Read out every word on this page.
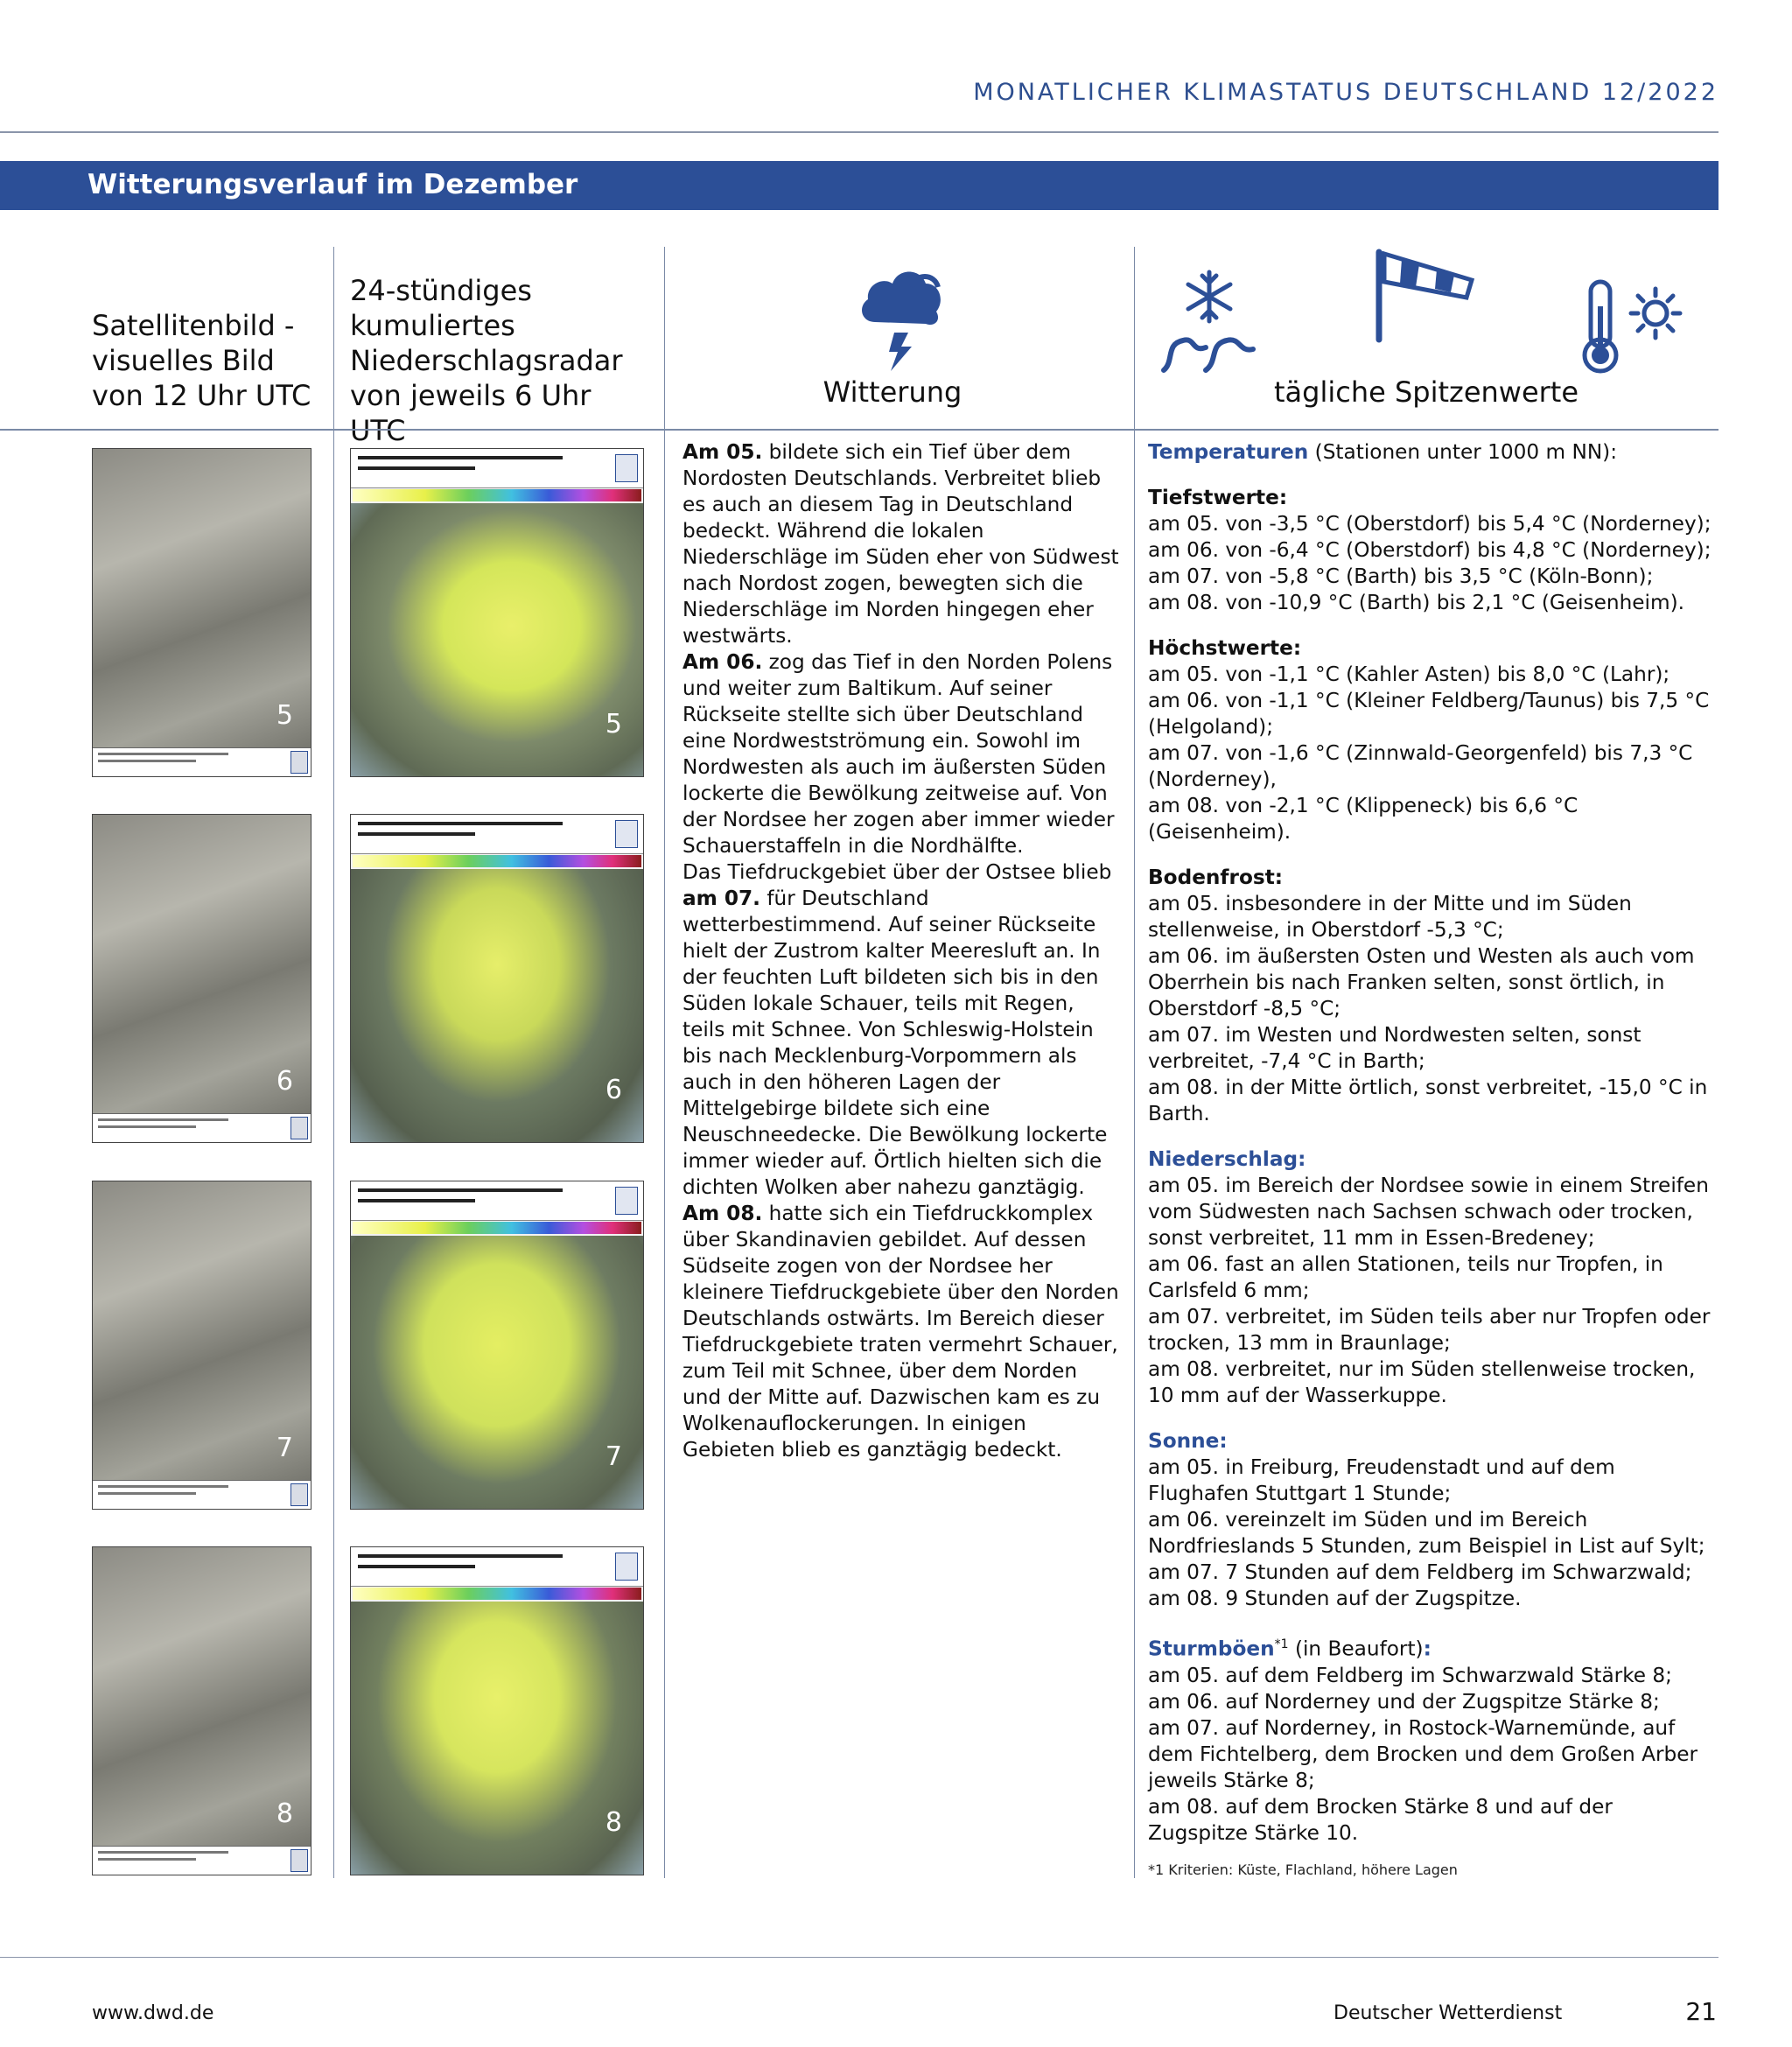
MONATLICHER KLIMASTATUS DEUTSCHLAND 12/2022
Witterungsverlauf im Dezember
Satellitenbild - visuelles Bild von 12 Uhr UTC
24-stündiges kumuliertes Niederschlagsradar von jeweils 6 Uhr UTC
Witterung	tägliche Spitzenwerte
5
6
7
8
5
6
7
8

Am 05. bildete sich ein Tief über dem Nordosten Deutschlands. Verbreitet blieb es auch an diesem Tag in Deutschland bedeckt. Während die lokalen Niederschläge im Süden eher von Südwest nach Nordost zogen, bewegten sich die Niederschläge im Norden hingegen eher westwärts.

Am 06. zog das Tief in den Norden Polens und weiter zum Baltikum. Auf seiner Rückseite stellte sich über Deutschland eine Nordwestströmung ein. Sowohl im Nordwesten als auch im äußersten Süden lockerte die Bewölkung zeitweise auf. Von der Nordsee her zogen aber immer wieder Schauerstaffeln in die Nordhälfte.

Das Tiefdruckgebiet über der Ostsee blieb am 07. für Deutschland wetterbestimmend. Auf seiner Rückseite hielt der Zustrom kalter Meeresluft an. In der feuchten Luft bildeten sich bis in den Süden lokale Schauer, teils mit Regen, teils mit Schnee. Von Schleswig-Holstein bis nach Mecklenburg-Vorpommern als auch in den höheren Lagen der Mittelgebirge bildete sich eine Neuschneedecke. Die Bewölkung lockerte immer wieder auf. Örtlich hielten sich die dichten Wolken aber nahezu ganztägig.

Am 08. hatte sich ein Tiefdruckkomplex über Skandinavien gebildet. Auf dessen Südseite zogen von der Nordsee her kleinere Tiefdruckgebiete über den Norden Deutschlands ostwärts. Im Bereich dieser Tiefdruckgebiete traten vermehrt Schauer, zum Teil mit Schnee, über dem Norden und der Mitte auf. Dazwischen kam es zu Wolkenauflockerungen. In einigen Gebieten blieb es ganztägig bedeckt.

Temperaturen (Stationen unter 1000 m NN):

Tiefstwerte:

am 05. von -3,5 °C (Oberstdorf) bis 5,4 °C (Norderney);

am 06. von -6,4 °C (Oberstdorf) bis 4,8 °C (Norderney);

am 07. von -5,8 °C (Barth) bis 3,5 °C (Köln-Bonn);

am 08. von -10,9 °C (Barth) bis 2,1 °C (Geisenheim).

Höchstwerte:

am 05. von -1,1 °C (Kahler Asten) bis 8,0 °C (Lahr);

am 06. von -1,1 °C (Kleiner Feldberg/Taunus) bis 7,5 °C (Helgoland);

am 07. von -1,6 °C (Zinnwald-Georgenfeld) bis 7,3 °C (Norderney),

am 08. von -2,1 °C (Klippeneck) bis 6,6 °C (Geisenheim).

Bodenfrost:

am 05. insbesondere in der Mitte und im Süden stellenweise, in Oberstdorf -5,3 °C;

am 06. im äußersten Osten und Westen als auch vom Oberrhein bis nach Franken selten, sonst örtlich, in Oberstdorf -8,5 °C;

am 07. im Westen und Nordwesten selten, sonst verbreitet, -7,4 °C in Barth;

am 08. in der Mitte örtlich, sonst verbreitet, -15,0 °C in Barth.

Niederschlag:

am 05. im Bereich der Nordsee sowie in einem Streifen vom Südwesten nach Sachsen schwach oder trocken, sonst verbreitet, 11 mm in Essen-Bredeney;

am 06. fast an allen Stationen, teils nur Tropfen, in Carlsfeld 6 mm;

am 07. verbreitet, im Süden teils aber nur Tropfen oder trocken, 13 mm in Braunlage;

am 08. verbreitet, nur im Süden stellenweise trocken, 10 mm auf der Wasserkuppe.

Sonne:

am 05. in Freiburg, Freudenstadt und auf dem Flughafen Stuttgart 1 Stunde;

am 06. vereinzelt im Süden und im Bereich Nordfrieslands 5 Stunden, zum Beispiel in List auf Sylt;

am 07. 7 Stunden auf dem Feldberg im Schwarzwald;

am 08. 9 Stunden auf der Zugspitze.

Sturmböen$^{*1}$ (in Beaufort):

am 05. auf dem Feldberg im Schwarzwald Stärke 8;

am 06. auf Norderney und der Zugspitze Stärke 8;

am 07. auf Norderney, in Rostock-Warnemünde, auf dem Fichtelberg, dem Brocken und dem Großen Arber jeweils Stärke 8;

am 08. auf dem Brocken Stärke 8 und auf der Zugspitze Stärke 10.

*1 Kriterien: Küste, Flachland, höhere Lagen
www.dwd.de	Deutscher Wetterdienst	21
